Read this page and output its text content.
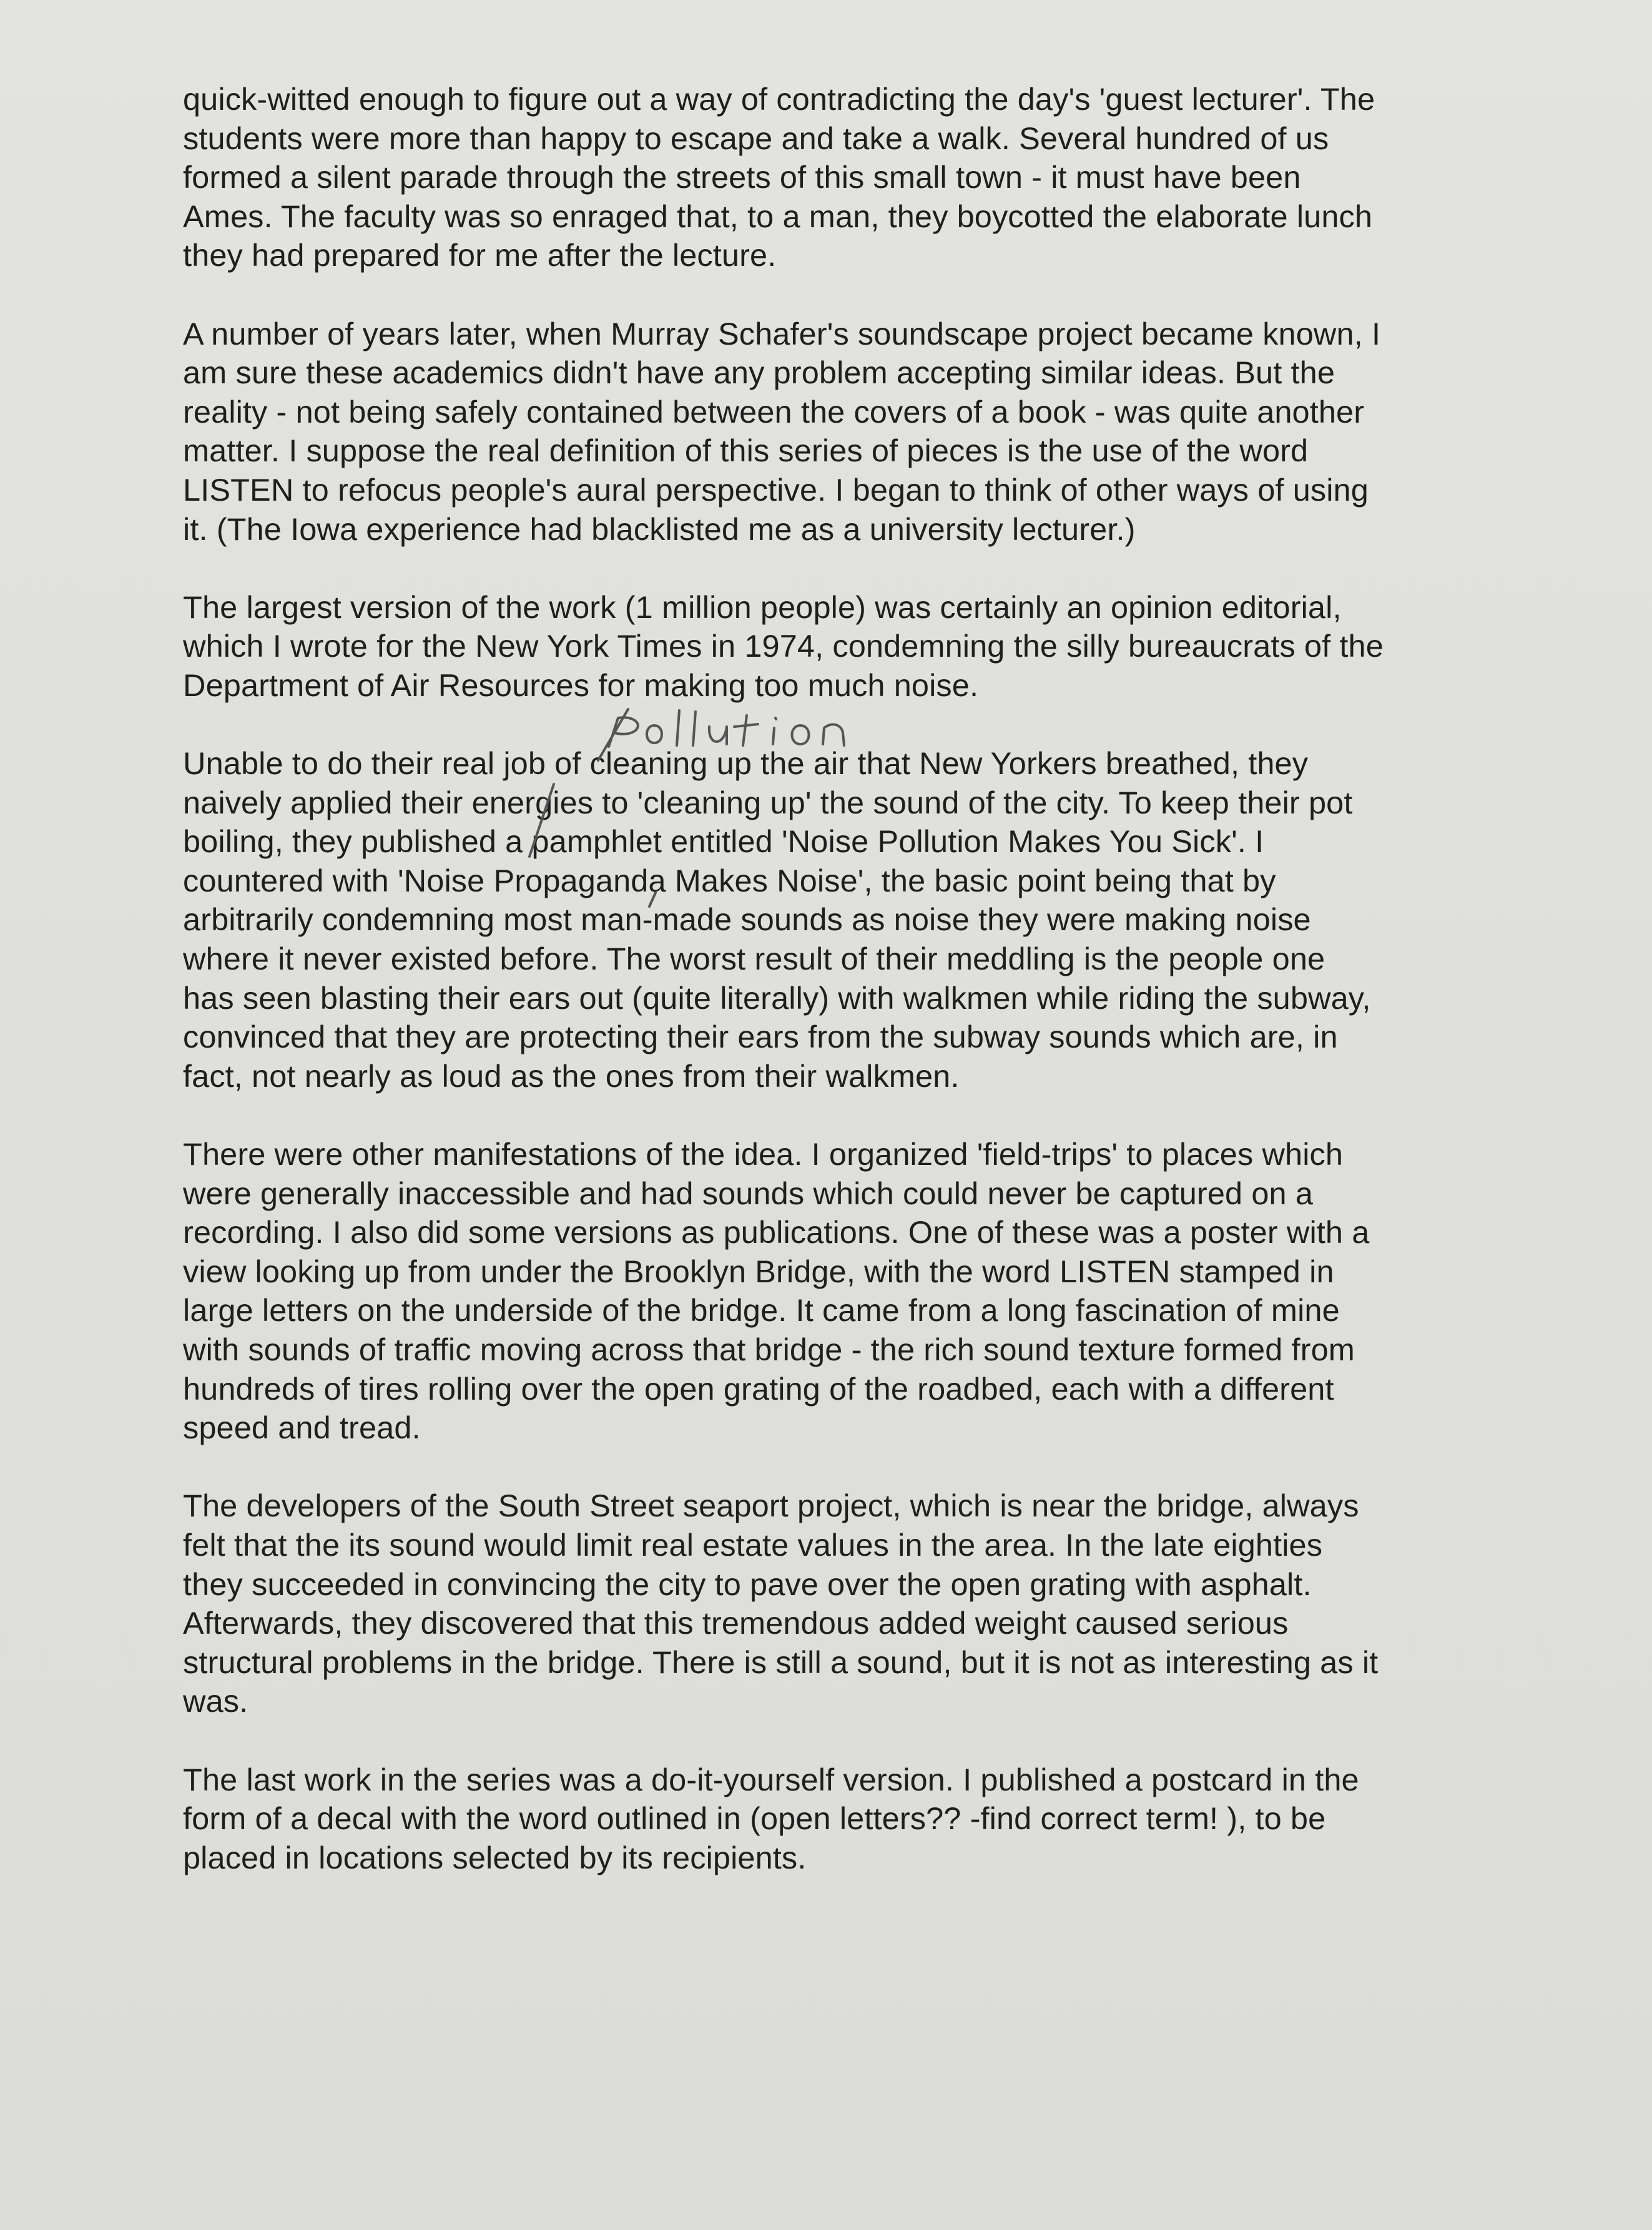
quick-witted enough to figure out a way of contradicting the day's 'guest lecturer'. The
students were more than happy to escape and take a walk. Several hundred of us
formed a silent parade through the streets of this small town - it must have been
Ames. The faculty was so enraged that, to a man, they boycotted the elaborate lunch
they had prepared for me after the lecture.

A number of years later, when Murray Schafer's soundscape project became known, I
am sure these academics didn't have any problem accepting similar ideas. But the
reality - not being safely contained between the covers of a book - was quite another
matter. I suppose the real definition of this series of pieces is the use of the word
LISTEN to refocus people's aural perspective. I began to think of other ways of using
it. (The Iowa experience had blacklisted me as a university lecturer.)

The largest version of the work (1 million people) was certainly an opinion editorial,
which I wrote for the New York Times in 1974, condemning the silly bureaucrats of the
Department of Air Resources for making too much noise.

Unable to do their real job of cleaning up the air that New Yorkers breathed, they
naively applied their energies to 'cleaning up' the sound of the city. To keep their pot
boiling, they published a pamphlet entitled 'Noise Pollution Makes You Sick'. I
countered with 'Noise Propaganda Makes Noise', the basic point being that by
arbitrarily condemning most man-made sounds as noise they were making noise
where it never existed before. The worst result of their meddling is the people one
has seen blasting their ears out (quite literally) with walkmen while riding the subway,
convinced that they are protecting their ears from the subway sounds which are, in
fact, not nearly as loud as the ones from their walkmen.

There were other manifestations of the idea. I organized 'field-trips' to places which
were generally inaccessible and had sounds which could never be captured on a
recording. I also did some versions as publications. One of these was a poster with a
view looking up from under the Brooklyn Bridge, with the word LISTEN stamped in
large letters on the underside of the bridge. It came from a long fascination of mine
with sounds of traffic moving across that bridge - the rich sound texture formed from
hundreds of tires rolling over the open grating of the roadbed, each with a different
speed and tread.

The developers of the South Street seaport project, which is near the bridge, always
felt that the its sound would limit real estate values in the area. In the late eighties
they succeeded in convincing the city to pave over the open grating with asphalt.
Afterwards, they discovered that this tremendous added weight caused serious
structural problems in the bridge. There is still a sound, but it is not as interesting as it
was.

The last work in the series was a do-it-yourself version. I published a postcard in the
form of a decal with the word outlined in (open letters?? -find correct term! ), to be
placed in locations selected by its recipients.
